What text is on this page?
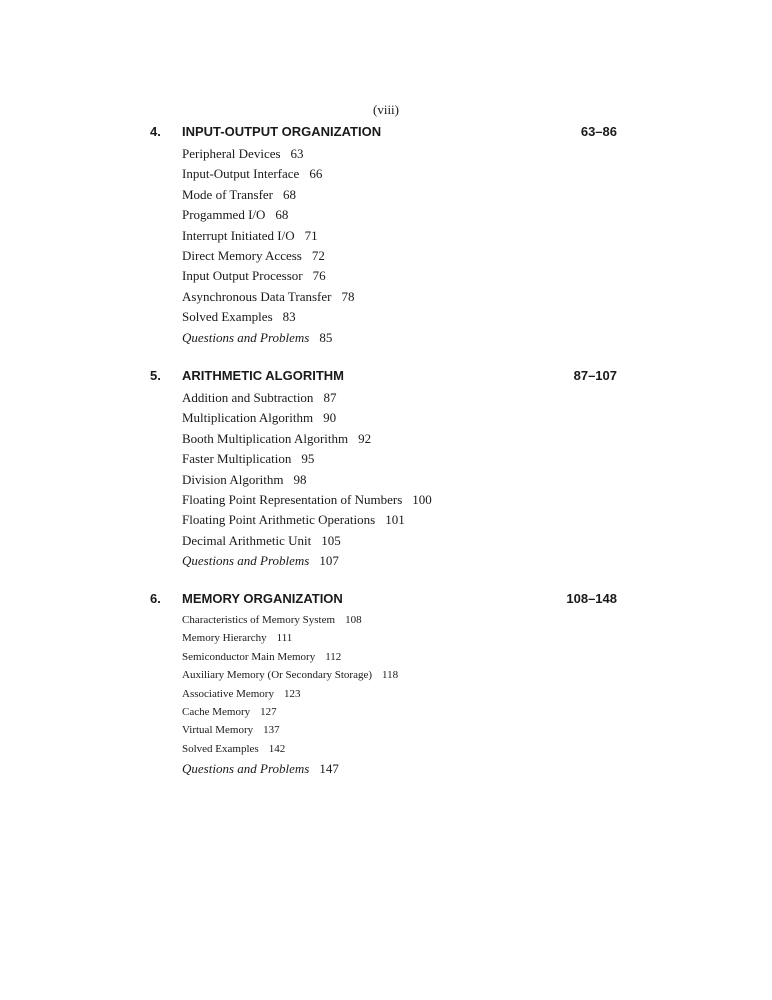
(viii)
4.	INPUT-OUTPUT ORGANIZATION	63–86
Peripheral Devices 63
Input-Output Interface 66
Mode of Transfer 68
Progammed I/O 68
Interrupt Initiated I/O 71
Direct Memory Access 72
Input Output Processor 76
Asynchronous Data Transfer 78
Solved Examples 83
Questions and Problems 85
5.	ARITHMETIC ALGORITHM	87–107
Addition and Subtraction 87
Multiplication Algorithm 90
Booth Multiplication Algorithm 92
Faster Multiplication 95
Division Algorithm 98
Floating Point Representation of Numbers 100
Floating Point Arithmetic Operations 101
Decimal Arithmetic Unit 105
Questions and Problems 107
6.	MEMORY ORGANIZATION	108–148
Characteristics of Memory System 108
Memory Hierarchy 111
Semiconductor Main Memory 112
Auxiliary Memory (Or Secondary Storage) 118
Associative Memory 123
Cache Memory 127
Virtual Memory 137
Solved Examples 142
Questions and Problems 147
